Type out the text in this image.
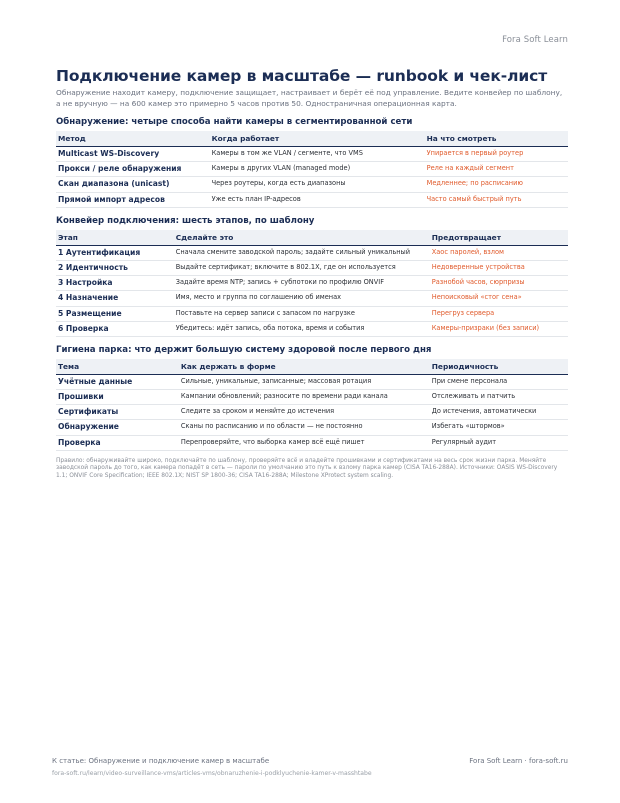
Fora Soft Learn
Подключение камер в масштабе — runbook и чек-лист

Обнаружение находит камеру, подключение защищает, настраивает и берёт её под управление. Ведите конвейер по шаблону, а не вручную — на 600 камер это примерно 5 часов против 50. Одностраничная операционная карта.

Обнаружение: четыре способа найти камеры в сегментированной сети
Метод	Когда работает	На что смотреть
Multicast WS-Discovery	Камеры в том же VLAN / сегменте, что VMS	Упирается в первый роутер
Прокси / реле обнаружения	Камеры в других VLAN (managed mode)	Реле на каждый сегмент
Скан диапазона (unicast)	Через роутеры, когда есть диапазоны	Медленнее; по расписанию
Прямой импорт адресов	Уже есть план IP-адресов	Часто самый быстрый путь
Конвейер подключения: шесть этапов, по шаблону
Этап	Сделайте это	Предотвращает
1 Аутентификация	Сначала смените заводской пароль; задайте сильный уникальный	Хаос паролей, взлом
2 Идентичность	Выдайте сертификат; включите в 802.1X, где он используется	Недоверенные устройства
3 Настройка	Задайте время NTP; запись + субпотоки по профилю ONVIF	Разнобой часов, сюрпризы
4 Назначение	Имя, место и группа по соглашению об именах	Непоисковый «стог сена»
5 Размещение	Поставьте на сервер записи с запасом по нагрузке	Перегруз сервера
6 Проверка	Убедитесь: идёт запись, оба потока, время и события	Камеры-призраки (без записи)
Гигиена парка: что держит большую систему здоровой после первого дня
Тема	Как держать в форме	Периодичность
Учётные данные	Сильные, уникальные, записанные; массовая ротация	При смене персонала
Прошивки	Кампании обновлений; разносите по времени ради канала	Отслеживать и патчить
Сертификаты	Следите за сроком и меняйте до истечения	До истечения, автоматически
Обнаружение	Сканы по расписанию и по области — не постоянно	Избегать «штормов»
Проверка	Перепроверяйте, что выборка камер всё ещё пишет	Регулярный аудит

Правило: обнаруживайте широко, подключайте по шаблону, проверяйте всё и владейте прошивками и сертификатами на весь срок жизни парка. Меняйте заводской пароль до того, как камера попадёт в сеть — пароли по умолчанию это путь к взлому парка камер (CISA TA16-288A). Источники: OASIS WS-Discovery 1.1; ONVIF Core Specification; IEEE 802.1X; NIST SP 1800-36; CISA TA16-288A; Milestone XProtect system scaling.

К статье: Обнаружение и подключение камер в масштабе
fora-soft.ru/learn/video-surveillance-vms/articles-vms/obnaruzhenie-i-podklyuchenie-kamer-v-masshtabe
Fora Soft Learn · fora-soft.ru
